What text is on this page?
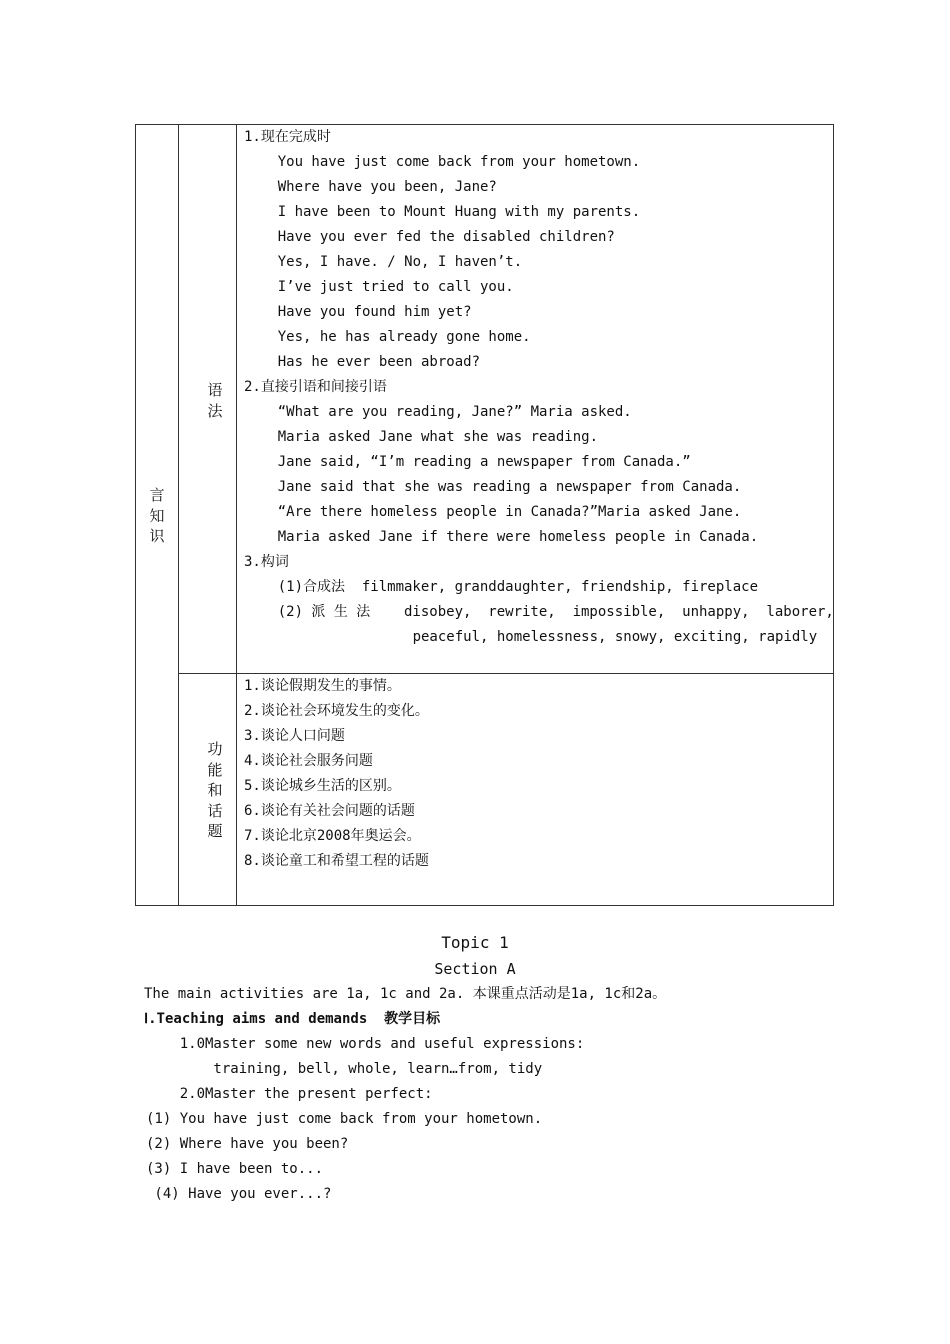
言
知
识
语
法
功
能
和
话
题
1.现在完成时
You have just come back from your hometown.
Where have you been, Jane?
I have been to Mount Huang with my parents.
Have you ever fed the disabled children?
Yes, I have. / No, I haven’t.
I’ve just tried to call you.
Have you found him yet?
Yes, he has already gone home.
Has he ever been abroad?
2.直接引语和间接引语
“What are you reading, Jane?” Maria asked.
Maria asked Jane what she was reading.
Jane said, “I’m reading a newspaper from Canada.”
Jane said that she was reading a newspaper from Canada.
“Are there homeless people in Canada?”Maria asked Jane.
Maria asked Jane if there were homeless people in Canada.
3.构词
(1)合成法  filmmaker, granddaughter, friendship, fireplace
(2) 派 生 法    disobey,  rewrite,  impossible,  unhappy,  laborer,
peaceful, homelessness, snowy, exciting, rapidly
1.谈论假期发生的事情。
2.谈论社会环境发生的变化。
3.谈论人口问题
4.谈论社会服务问题
5.谈论城乡生活的区别。
6.谈论有关社会问题的话题
7.谈论北京2008年奥运会。
8.谈论童工和希望工程的话题
Topic 1
Section A
The main activities are 1a, 1c and 2a. 本课重点活动是1a, 1c和2a。
Ⅰ.Teaching aims and demands  教学目标
1.0Master some new words and useful expressions:
training, bell, whole, learn…from, tidy
2.0Master the present perfect:
(1) You have just come back from your hometown.
(2) Where have you been?
(3) I have been to...
(4) Have you ever...?
